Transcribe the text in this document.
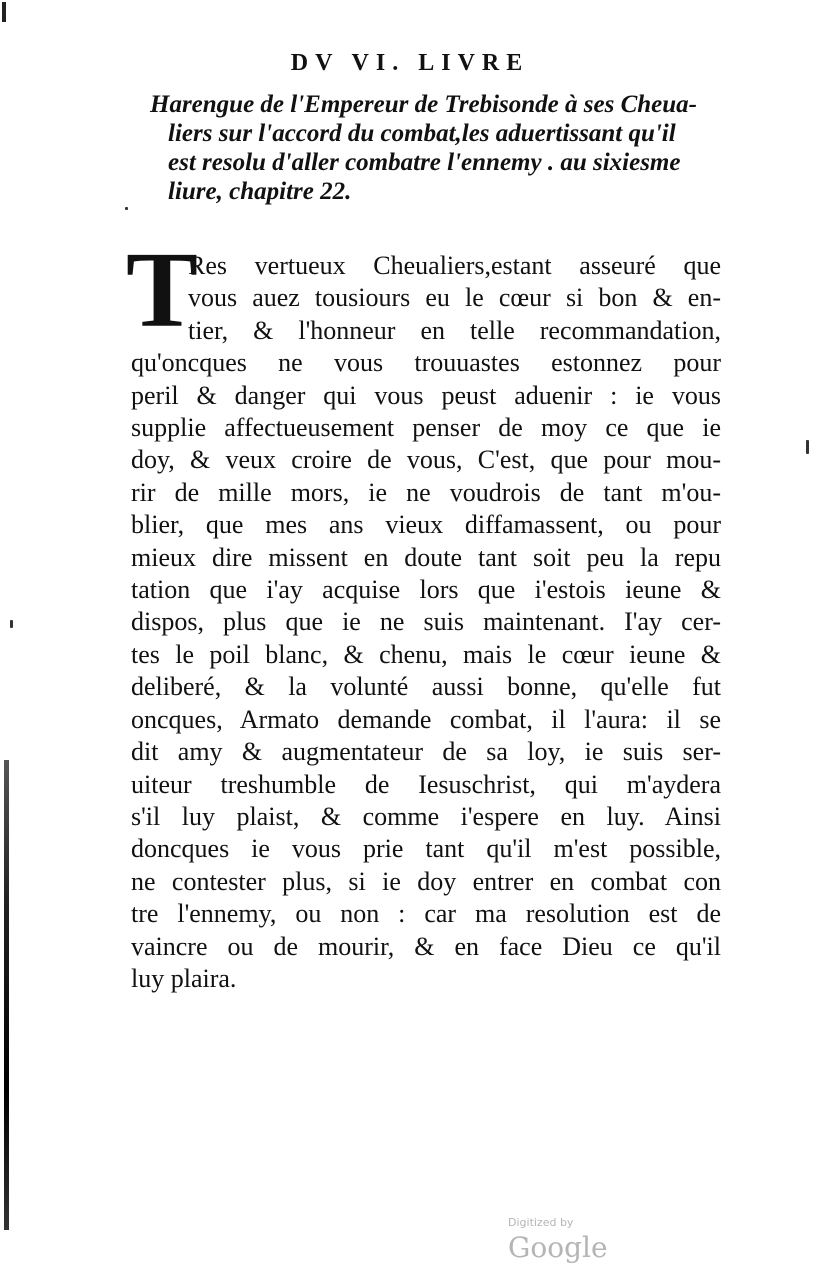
DV VI. LIVRE
Harengue de l'Empereur de Trebisonde à ses Cheua-
liers sur l'accord du combat,les aduertissant qu'il
est resolu d'aller combatre l'ennemy . au sixiesme
liure, chapitre 22.
T
Res vertueux Cheualiers,estant asseuré que
vous auez tousiours eu le cœur si bon & en-
tier, & l'honneur en telle recommandation,
qu'oncques ne vous trouuastes estonnez pour
peril & danger qui vous peust aduenir : ie vous
supplie affectueusement penser de moy ce que ie
doy, & veux croire de vous, C'est, que pour mou-
rir de mille mors, ie ne voudrois de tant m'ou-
blier, que mes ans vieux diffamassent, ou pour
mieux dire missent en doute tant soit peu la repu
tation que i'ay acquise lors que i'estois ieune &
dispos, plus que ie ne suis maintenant. I'ay cer-
tes le poil blanc, & chenu, mais le cœur ieune &
deliberé, & la volunté aussi bonne, qu'elle fut
oncques, Armato demande combat, il l'aura: il se
dit amy & augmentateur de sa loy, ie suis ser-
uiteur treshumble de Iesuschrist, qui m'aydera
s'il luy plaist, & comme i'espere en luy. Ainsi
doncques ie vous prie tant qu'il m'est possible,
ne contester plus, si ie doy entrer en combat con
tre l'ennemy, ou non : car ma resolution est de
vaincre ou de mourir, & en face Dieu ce qu'il
luy plaira.
Digitized by Google
